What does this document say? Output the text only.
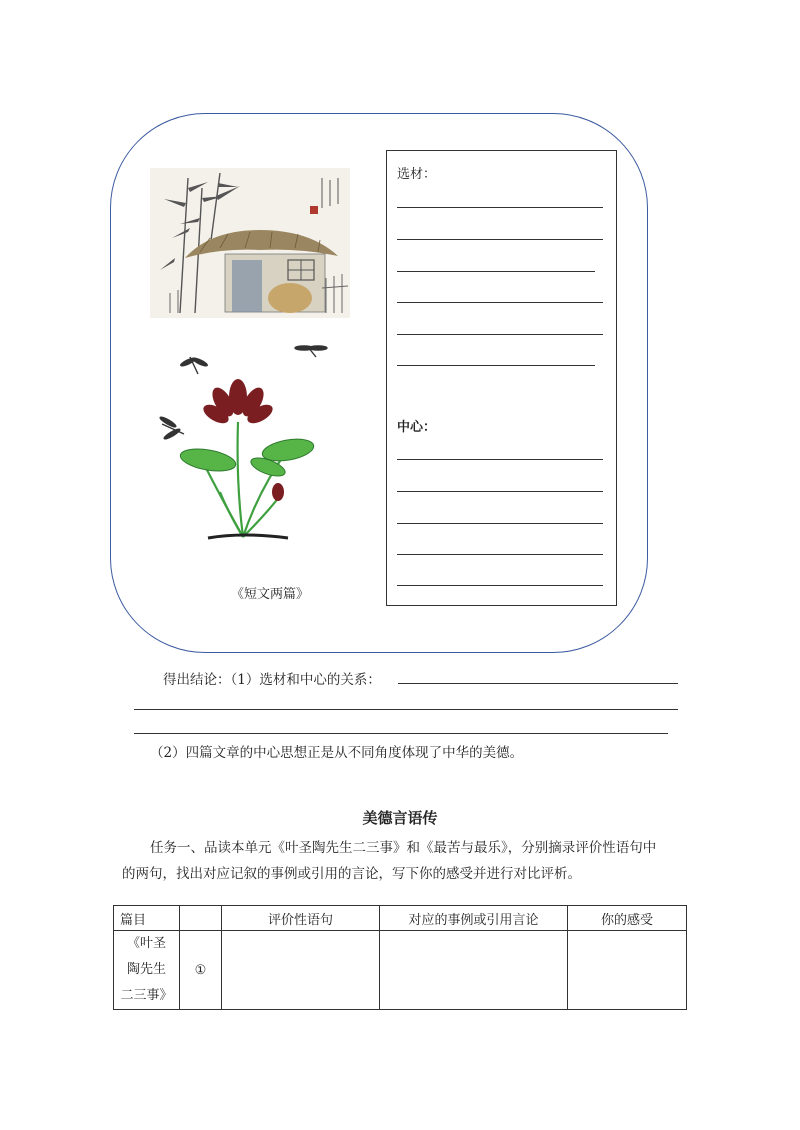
《短文两篇》
选材：
中心：
得出结论：（1）选材和中心的关系：
（2）四篇文章的中心思想正是从不同角度体现了中华的美德。
美德言语传
任务一、品读本单元《叶圣陶先生二三事》和《最苦与最乐》，分别摘录评价性语句中
的两句，找出对应记叙的事例或引用的言论，写下你的感受并进行对比评析。
篇目		评价性语句	对应的事例或引用言论	你的感受

《叶圣
陶先生
二三事》	①			
